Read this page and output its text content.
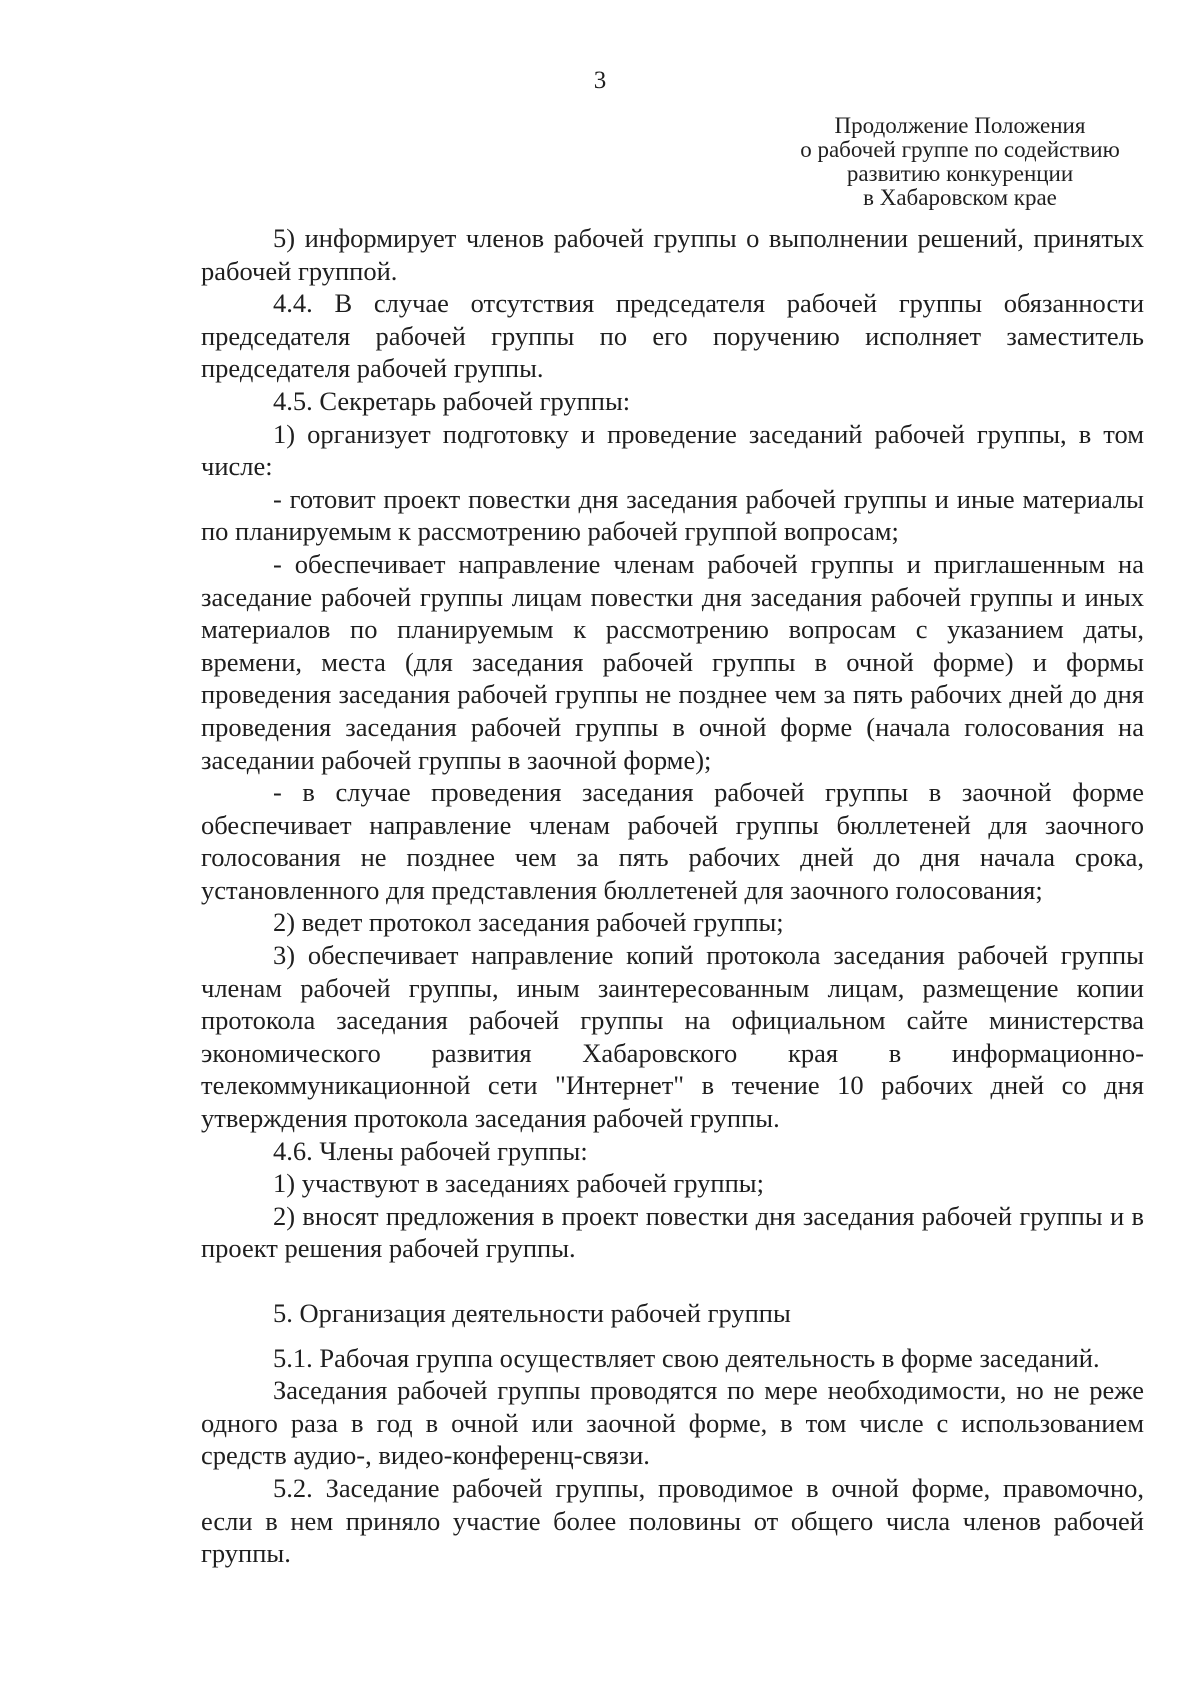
3
Продолжение Положения
о рабочей группе по содействию
развитию конкуренции
в Хабаровском крае

5) информирует членов рабочей группы о выполнении решений, принятых рабочей группой.

4.4. В случае отсутствия председателя рабочей группы обязанности председателя рабочей группы по его поручению исполняет заместитель председателя рабочей группы.

4.5. Секретарь рабочей группы:

1) организует подготовку и проведение заседаний рабочей группы, в том числе:

- готовит проект повестки дня заседания рабочей группы и иные материалы по планируемым к рассмотрению рабочей группой вопросам;

- обеспечивает направление членам рабочей группы и приглашенным на заседание рабочей группы лицам повестки дня заседания рабочей группы и иных материалов по планируемым к рассмотрению вопросам с указанием даты, времени, места (для заседания рабочей группы в очной форме) и формы проведения заседания рабочей группы не позднее чем за пять рабочих дней до дня проведения заседания рабочей группы в очной форме (начала голосования на заседании рабочей группы в заочной форме);

- в случае проведения заседания рабочей группы в заочной форме обеспечивает направление членам рабочей группы бюллетеней для заочного голосования не позднее чем за пять рабочих дней до дня начала срока, установленного для представления бюллетеней для заочного голосования;

2) ведет протокол заседания рабочей группы;

3) обеспечивает направление копий протокола заседания рабочей группы членам рабочей группы, иным заинтересованным лицам, размещение копии протокола заседания рабочей группы на официальном сайте министерства экономического развития Хабаровского края в информационно-телекоммуникационной сети "Интернет" в течение 10 рабочих дней со дня утверждения протокола заседания рабочей группы.

4.6. Члены рабочей группы:

1) участвуют в заседаниях рабочей группы;

2) вносят предложения в проект повестки дня заседания рабочей группы и в проект решения рабочей группы.

5. Организация деятельности рабочей группы

5.1. Рабочая группа осуществляет свою деятельность в форме заседаний.

Заседания рабочей группы проводятся по мере необходимости, но не реже одного раза в год в очной или заочной форме, в том числе с использованием средств аудио-, видео-конференц-связи.

5.2. Заседание рабочей группы, проводимое в очной форме, правомочно, если в нем приняло участие более половины от общего числа членов рабочей группы.
